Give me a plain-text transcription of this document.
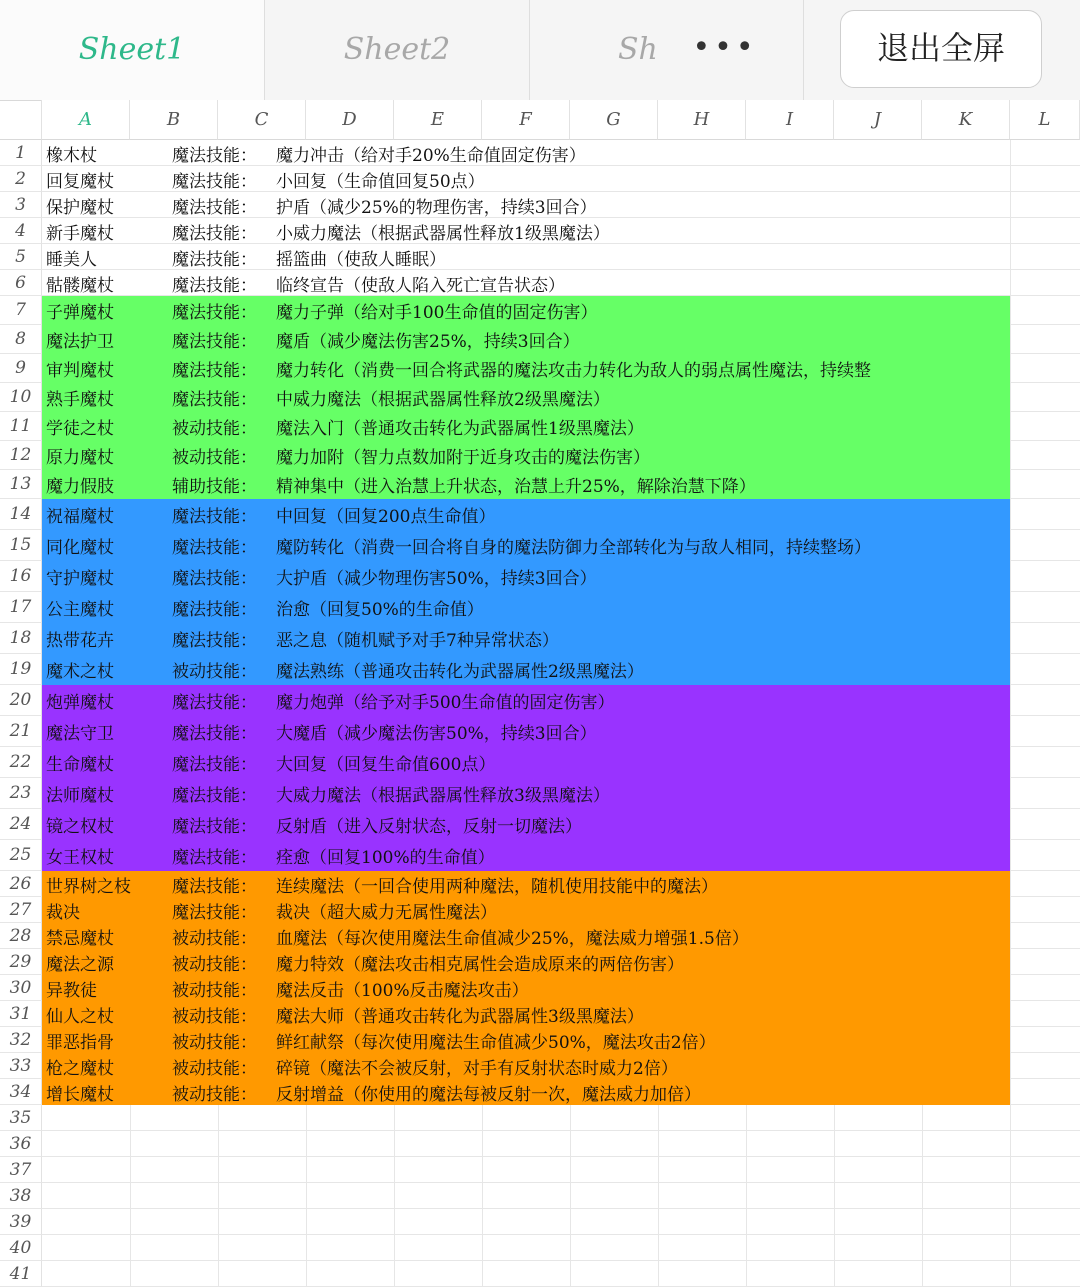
Sheet1	Sheet2	Sh	•••	退出全屏
A	B	C	D	E	F	G	H	I	J	K	L
1	橡木杖	魔法技能： 魔力冲击（给对手20%生命值固定伤害）
2	回复魔杖	魔法技能： 小回复（生命值回复50点）
3	保护魔杖	魔法技能： 护盾（减少25%的物理伤害，持续3回合）
4	新手魔杖	魔法技能： 小威力魔法（根据武器属性释放1级黑魔法）
5	睡美人	魔法技能： 摇篮曲（使敌人睡眠）
6	骷髅魔杖	魔法技能： 临终宣告（使敌人陷入死亡宣告状态）
7	子弹魔杖	魔法技能： 魔力子弹（给对手100生命值的固定伤害）
8	魔法护卫	魔法技能： 魔盾（减少魔法伤害25%，持续3回合）
9	审判魔杖	魔法技能： 魔力转化（消费一回合将武器的魔法攻击力转化为敌人的弱点属性魔法，持续整
10 熟手魔杖	魔法技能： 中威力魔法（根据武器属性释放2级黑魔法）
11 学徒之杖	被动技能： 魔法入门（普通攻击转化为武器属性1级黑魔法）
12 原力魔杖	被动技能： 魔力加附（智力点数加附于近身攻击的魔法伤害）
13 魔力假肢	辅助技能： 精神集中（进入治慧上升状态，治慧上升25%，解除治慧下降）
14 祝福魔杖	魔法技能： 中回复（回复200点生命值）
15 同化魔杖	魔法技能： 魔防转化（消费一回合将自身的魔法防御力全部转化为与敌人相同，持续整场）
16 守护魔杖	魔法技能： 大护盾（减少物理伤害50%，持续3回合）
17 公主魔杖	魔法技能： 治愈（回复50%的生命值）
18 热带花卉	魔法技能： 恶之息（随机赋予对手7种异常状态）
19 魔术之杖	被动技能： 魔法熟练（普通攻击转化为武器属性2级黑魔法）
20 炮弹魔杖	魔法技能： 魔力炮弹（给予对手500生命值的固定伤害）
21 魔法守卫	魔法技能： 大魔盾（减少魔法伤害50%，持续3回合）
22 生命魔杖	魔法技能： 大回复（回复生命值600点）
23 法师魔杖	魔法技能： 大威力魔法（根据武器属性释放3级黑魔法）
24 镜之权杖	魔法技能： 反射盾（进入反射状态，反射一切魔法）
25 女王权杖	魔法技能： 痊愈（回复100%的生命值）
26 世界树之枝 魔法技能： 连续魔法（一回合使用两种魔法，随机使用技能中的魔法）
27 裁决	魔法技能： 裁决（超大威力无属性魔法）
28 禁忌魔杖	被动技能： 血魔法（每次使用魔法生命值减少25%，魔法威力增强1.5倍）
29 魔法之源	被动技能： 魔力特效（魔法攻击相克属性会造成原来的两倍伤害）
30 异教徒	被动技能： 魔法反击（100%反击魔法攻击）
31 仙人之杖	被动技能： 魔法大师（普通攻击转化为武器属性3级黑魔法）
32 罪恶指骨	被动技能： 鲜红献祭（每次使用魔法生命值减少50%，魔法攻击2倍）
33 枪之魔杖	被动技能： 碎镜（魔法不会被反射，对手有反射状态时威力2倍）
34 增长魔杖	被动技能： 反射增益（你使用的魔法每被反射一次，魔法威力加倍）
35
36
37
38
39
40
41
